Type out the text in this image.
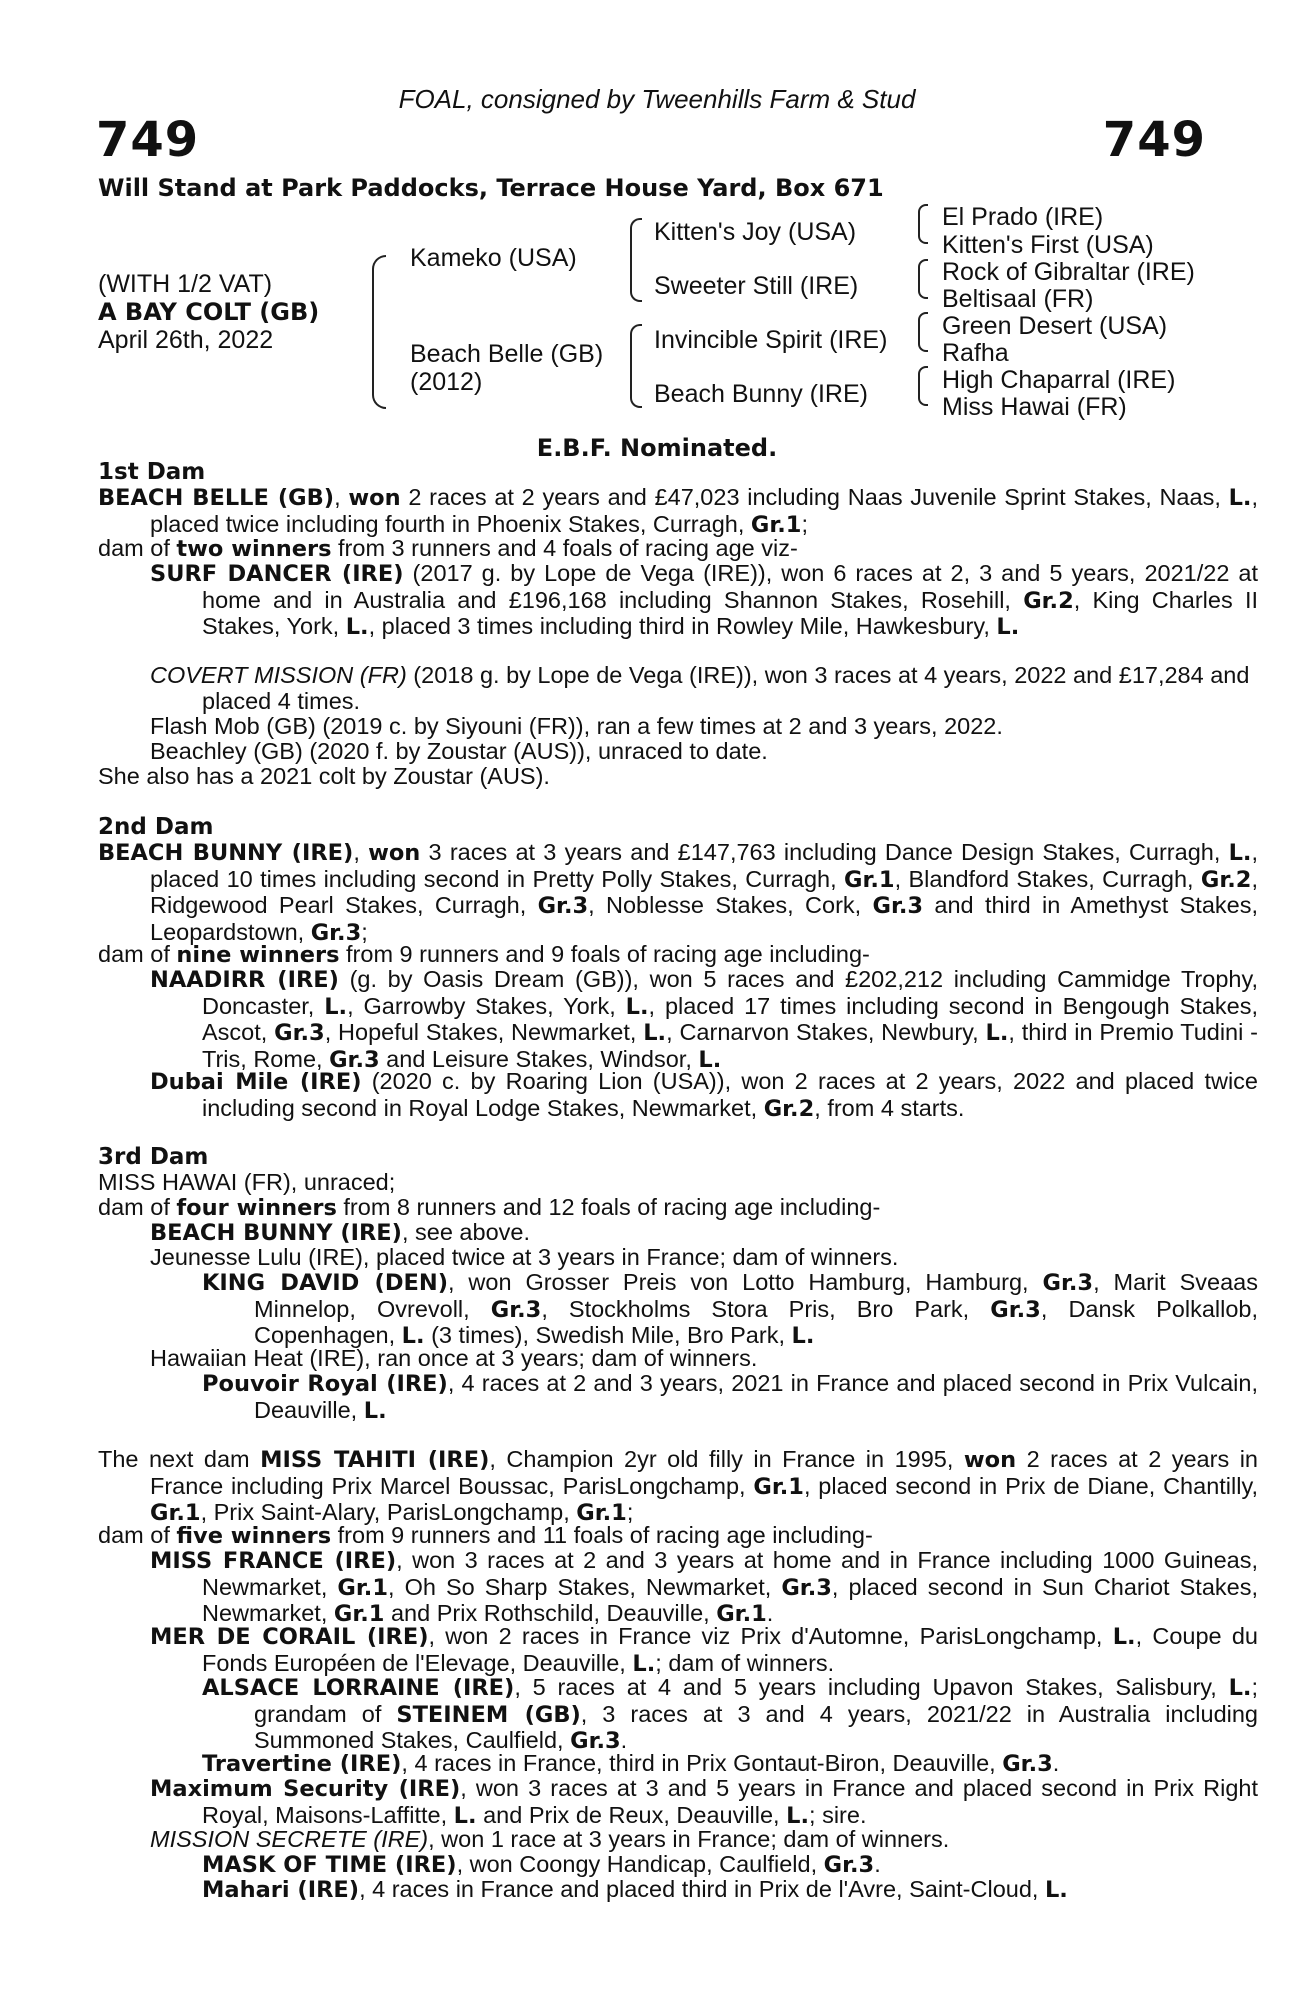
FOAL, consigned by Tweenhills Farm & Stud
749	749
Will Stand at Park Paddocks, Terrace House Yard, Box 671
(WITH 1/2 VAT)
A BAY COLT (GB)
April 26th, 2022
Kameko (USA)
Beach Belle (GB)
(2012)
Kitten's Joy (USA)
Sweeter Still (IRE)
Invincible Spirit (IRE)
Beach Bunny (IRE)
El Prado (IRE)
Kitten's First (USA)
Rock of Gibraltar (IRE)
Beltisaal (FR)
Green Desert (USA)
Rafha
High Chaparral (IRE)
Miss Hawai (FR)
E.B.F. Nominated.
1st Dam
BEACH BELLE (GB), won 2 races at 2 years and £47,023 including Naas Juvenile Sprint Stakes, Naas, L., placed twice including fourth in Phoenix Stakes, Curragh, Gr.1;
dam of two winners from 3 runners and 4 foals of racing age viz-
SURF DANCER (IRE) (2017 g. by Lope de Vega (IRE)), won 6 races at 2, 3 and 5 years, 2021/22 at home and in Australia and £196,168 including Shannon Stakes, Rosehill, Gr.2, King Charles II Stakes, York, L., placed 3 times including third in Rowley Mile, Hawkesbury, L.
COVERT MISSION (FR) (2018 g. by Lope de Vega (IRE)), won 3 races at 4 years, 2022 and £17,284 and placed 4 times.
Flash Mob (GB) (2019 c. by Siyouni (FR)), ran a few times at 2 and 3 years, 2022.
Beachley (GB) (2020 f. by Zoustar (AUS)), unraced to date.
She also has a 2021 colt by Zoustar (AUS).
2nd Dam
BEACH BUNNY (IRE), won 3 races at 3 years and £147,763 including Dance Design Stakes, Curragh, L., placed 10 times including second in Pretty Polly Stakes, Curragh, Gr.1, Blandford Stakes, Curragh, Gr.2, Ridgewood Pearl Stakes, Curragh, Gr.3, Noblesse Stakes, Cork, Gr.3 and third in Amethyst Stakes, Leopardstown, Gr.3;
dam of nine winners from 9 runners and 9 foals of racing age including-
NAADIRR (IRE) (g. by Oasis Dream (GB)), won 5 races and £202,212 including Cammidge Trophy, Doncaster, L., Garrowby Stakes, York, L., placed 17 times including second in Bengough Stakes, Ascot, Gr.3, Hopeful Stakes, Newmarket, L., Carnarvon Stakes, Newbury, L., third in Premio Tudini - Tris, Rome, Gr.3 and Leisure Stakes, Windsor, L.
Dubai Mile (IRE) (2020 c. by Roaring Lion (USA)), won 2 races at 2 years, 2022 and placed twice including second in Royal Lodge Stakes, Newmarket, Gr.2, from 4 starts.
3rd Dam
MISS HAWAI (FR), unraced;
dam of four winners from 8 runners and 12 foals of racing age including-
BEACH BUNNY (IRE), see above.
Jeunesse Lulu (IRE), placed twice at 3 years in France; dam of winners.
KING DAVID (DEN), won Grosser Preis von Lotto Hamburg, Hamburg, Gr.3, Marit Sveaas Minnelop, Ovrevoll, Gr.3, Stockholms Stora Pris, Bro Park, Gr.3, Dansk Polkallob, Copenhagen, L. (3 times), Swedish Mile, Bro Park, L.
Hawaiian Heat (IRE), ran once at 3 years; dam of winners.
Pouvoir Royal (IRE), 4 races at 2 and 3 years, 2021 in France and placed second in Prix Vulcain, Deauville, L.
The next dam MISS TAHITI (IRE), Champion 2yr old filly in France in 1995, won 2 races at 2 years in France including Prix Marcel Boussac, ParisLongchamp, Gr.1, placed second in Prix de Diane, Chantilly, Gr.1, Prix Saint-Alary, ParisLongchamp, Gr.1;
dam of five winners from 9 runners and 11 foals of racing age including-
MISS FRANCE (IRE), won 3 races at 2 and 3 years at home and in France including 1000 Guineas, Newmarket, Gr.1, Oh So Sharp Stakes, Newmarket, Gr.3, placed second in Sun Chariot Stakes, Newmarket, Gr.1 and Prix Rothschild, Deauville, Gr.1.
MER DE CORAIL (IRE), won 2 races in France viz Prix d'Automne, ParisLongchamp, L., Coupe du Fonds Européen de l'Elevage, Deauville, L.; dam of winners.
ALSACE LORRAINE (IRE), 5 races at 4 and 5 years including Upavon Stakes, Salisbury, L.; grandam of STEINEM (GB), 3 races at 3 and 4 years, 2021/22 in Australia including Summoned Stakes, Caulfield, Gr.3.
Travertine (IRE), 4 races in France, third in Prix Gontaut-Biron, Deauville, Gr.3.
Maximum Security (IRE), won 3 races at 3 and 5 years in France and placed second in Prix Right Royal, Maisons-Laffitte, L. and Prix de Reux, Deauville, L.; sire.
MISSION SECRETE (IRE), won 1 race at 3 years in France; dam of winners.
MASK OF TIME (IRE), won Coongy Handicap, Caulfield, Gr.3.
Mahari (IRE), 4 races in France and placed third in Prix de l'Avre, Saint-Cloud, L.
